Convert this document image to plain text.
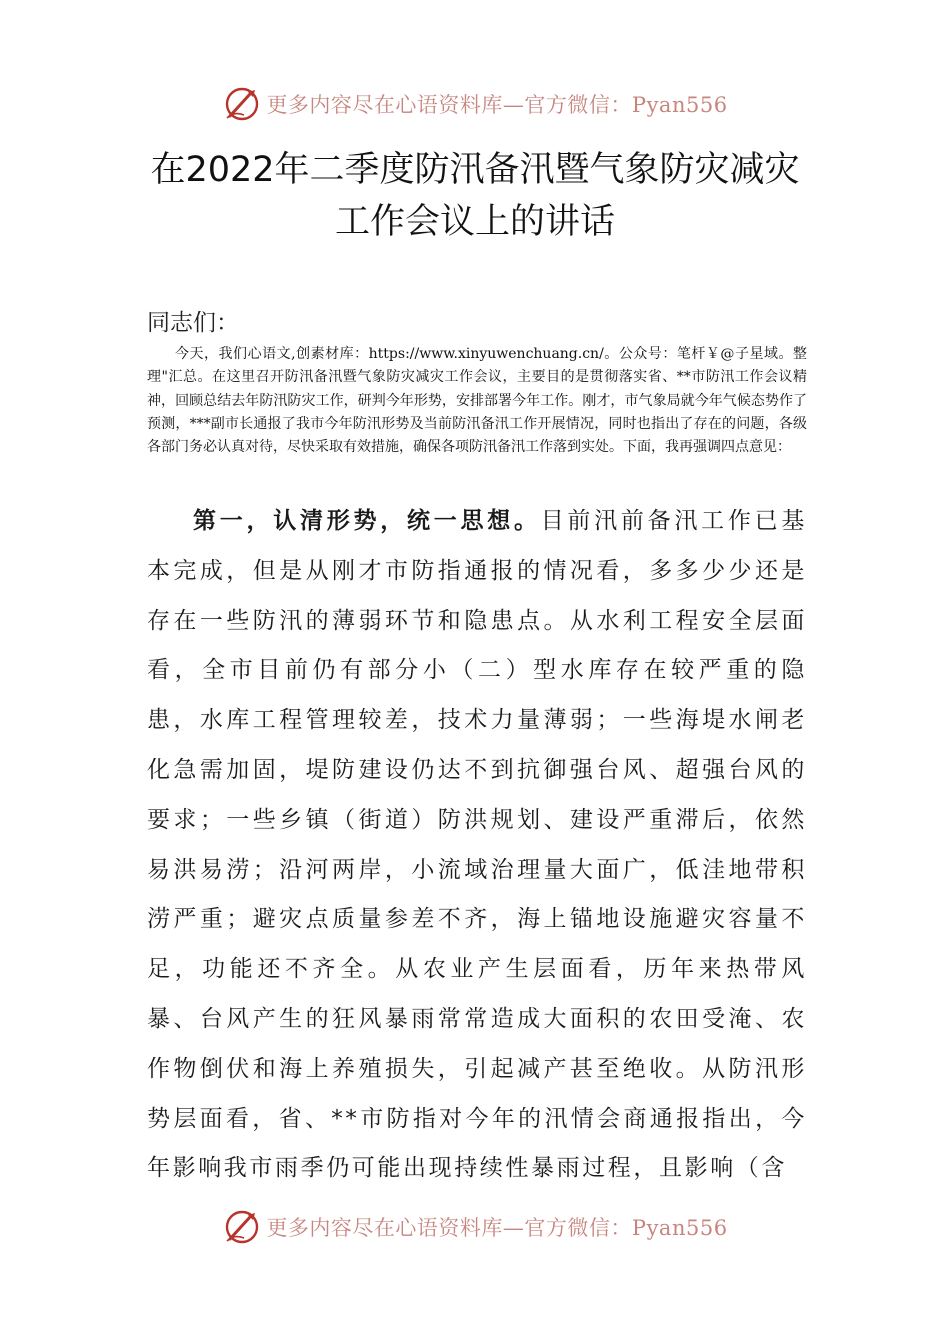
更多内容尽在心语资料库—官方微信：Pyan556
在2022年二季度防汛备汛暨气象防灾减灾
工作会议上的讲话

同志们：

今天，我们心语文,创素材库：https://www.xinyuwenchuang.cn/。公众号：笔杆￥@子星域。整理"汇总。在这里召开防汛备汛暨气象防灾减灾工作会议，主要目的是贯彻落实省、**市防汛工作会议精神，回顾总结去年防汛防灾工作，研判今年形势，安排部署今年工作。刚才，市气象局就今年气候态势作了预测，***副市长通报了我市今年防汛形势及当前防汛备汛工作开展情况，同时也指出了存在的问题，各级各部门务必认真对待，尽快采取有效措施，确保各项防汛备汛工作落到实处。下面，我再强调四点意见：

第一，认清形势，统一思想。目前汛前备汛工作已基本完成，但是从刚才市防指通报的情况看，多多少少还是存在一些防汛的薄弱环节和隐患点。从水利工程安全层面看，全市目前仍有部分小（二）型水库存在较严重的隐患，水库工程管理较差，技术力量薄弱；一些海堤水闸老化急需加固，堤防建设仍达不到抗御强台风、超强台风的要求；一些乡镇（街道）防洪规划、建设严重滞后，依然易洪易涝；沿河两岸，小流域治理量大面广，低洼地带积涝严重；避灾点质量参差不齐，海上锚地设施避灾容量不足，功能还不齐全。从农业产生层面看，历年来热带风暴、台风产生的狂风暴雨常常造成大面积的农田受淹、农作物倒伏和海上养殖损失，引起减产甚至绝收。从防汛形势层面看，省、**市防指对今年的汛情会商通报指出，今年影响我市雨季仍可能出现持续性暴雨过程，且影响（含

更多内容尽在心语资料库—官方微信：Pyan556
